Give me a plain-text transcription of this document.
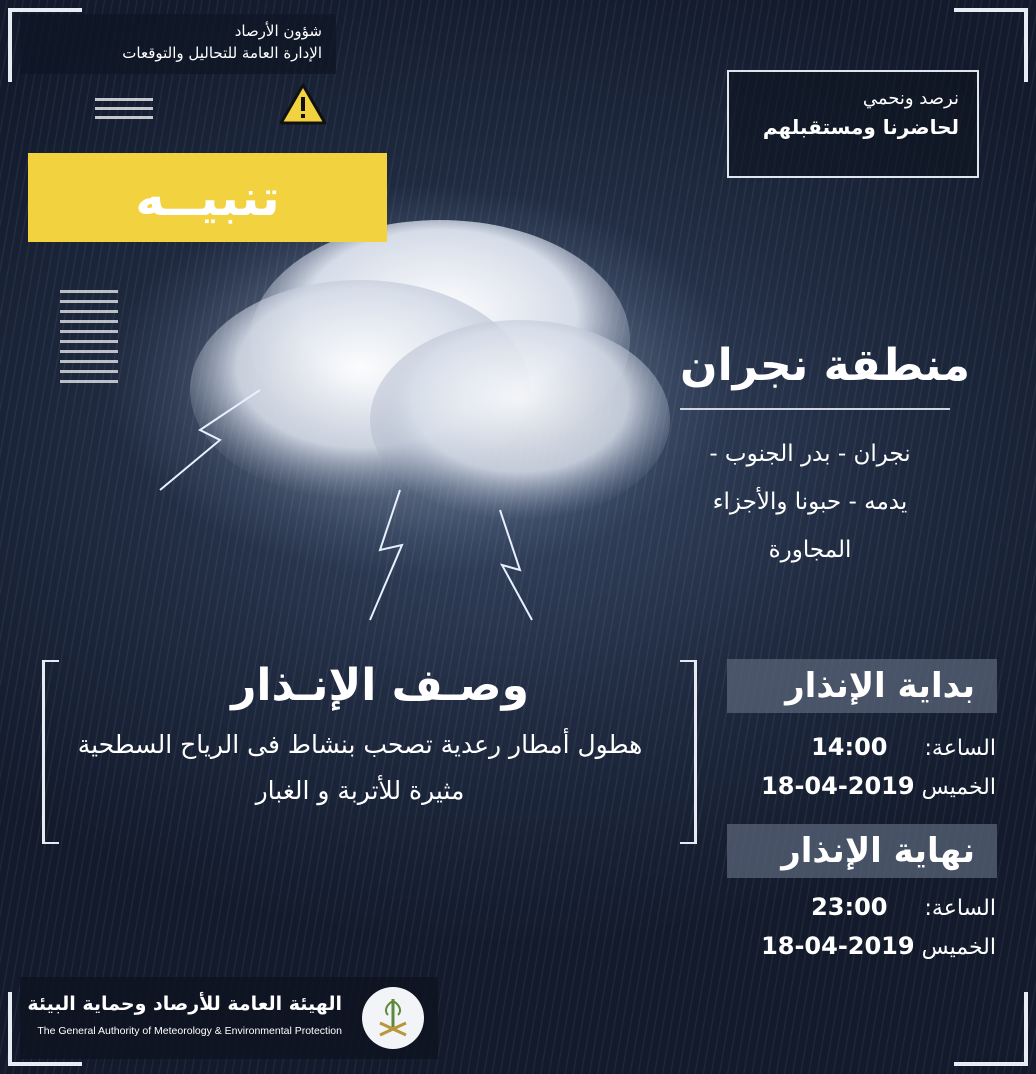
شؤون الأرصاد
الإدارة العامة للتحاليل والتوقعات
تنبيــه
نرصد ونحمي
لحاضرنا ومستقبلهم
منطقة نجران
نجران - بدر الجنوب - يدمه - حبونا والأجزاء المجاورة
وصـف الإنـذار
هطول أمطار رعدية تصحب بنشاط فى الرياح السطحية مثيرة للأتربة و الغبار
بداية الإنذار
الساعة: 14:00
الخميس 18-04-2019
نهاية الإنذار
الساعة: 23:00
الخميس 18-04-2019
الهيئة العامة للأرصاد وحماية البيئة
The General Authority of Meteorology & Environmental Protection
